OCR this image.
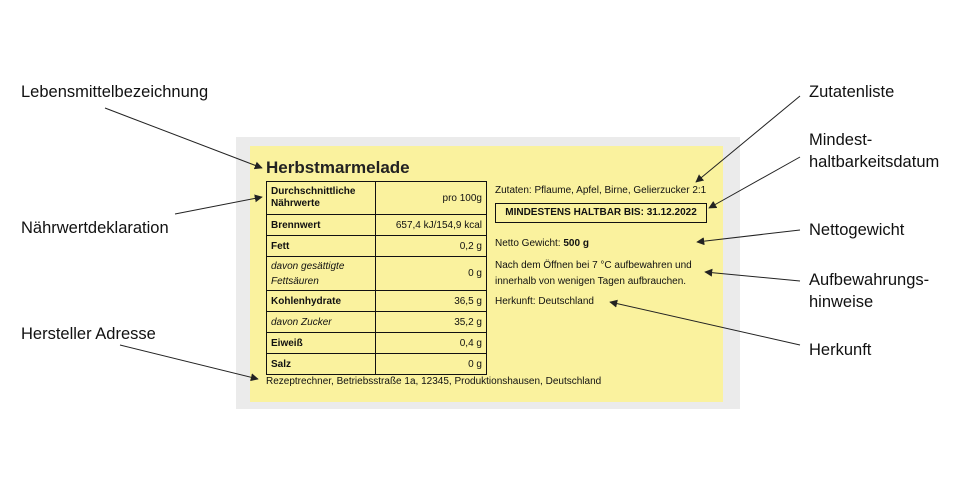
Lebensmittelbezeichnung
Nährwertdeklaration
Hersteller Adresse
Zutatenliste
Mindest-
haltbarkeitsdatum
Nettogewicht
Aufbewahrungs-
hinweise
Herkunft
Herbstmarmelade
Durchschnittliche
Nährwerte	pro 100g
Brennwert	657,4 kJ/154,9 kcal
Fett	0,2 g

davon gesättigte
Fettsäuren	0 g
Kohlenhydrate	36,5 g
davon Zucker	35,2 g
Eiweiß	0,4 g
Salz	0 g
Zutaten: Pflaume, Apfel, Birne, Gelierzucker 2:1
MINDESTENS HALTBAR BIS: 31.12.2022
Netto Gewicht: 500 g
Nach dem Öffnen bei 7 °C aufbewahren und
innerhalb von wenigen Tagen aufbrauchen.
Herkunft: Deutschland
Rezeptrechner, Betriebsstraße 1a, 12345, Produktionshausen, Deutschland
